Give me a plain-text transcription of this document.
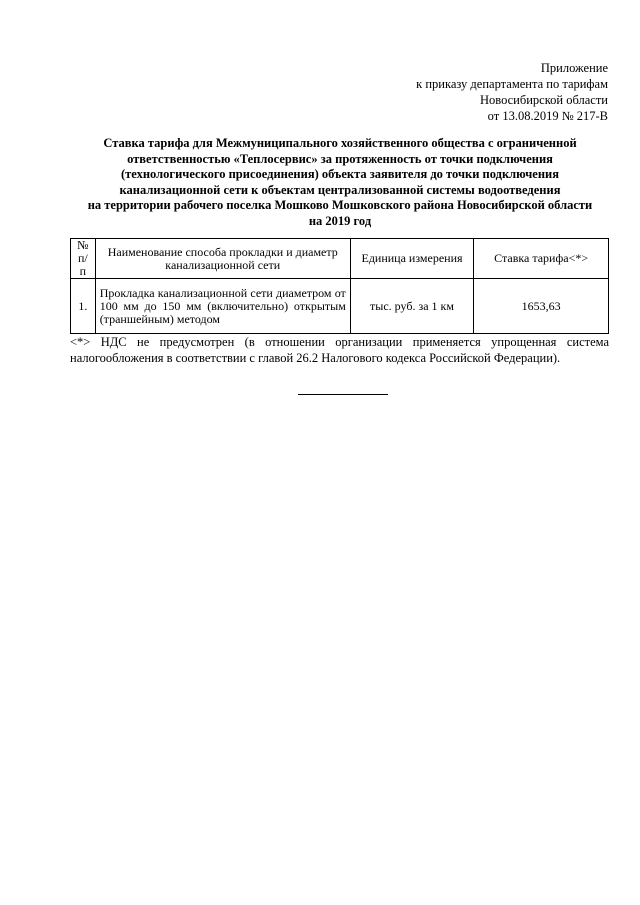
Приложение
к приказу департамента по тарифам
Новосибирской области
от 13.08.2019 № 217-В
Ставка тарифа для Межмуниципального хозяйственного общества с ограниченной
ответственностью «Теплосервис» за протяженность от точки подключения
(технологического присоединения) объекта заявителя до точки подключения
канализационной сети к объектам централизованной системы водоотведения
на территории рабочего поселка Мошково Мошковского района Новосибирской области
на 2019 год
№ п/п	Наименование способа прокладки и диаметр канализационной сети	Единица измерения	Ставка тарифа<*>
1.	Прокладка канализационной сети диаметром от 100 мм до 150 мм (включительно) открытым (траншейным) методом	тыс. руб. за 1 км	1653,63
<*> НДС не предусмотрен (в отношении организации применяется упрощенная система налогообложения в соответствии с главой 26.2 Налогового кодекса Российской Федерации).
